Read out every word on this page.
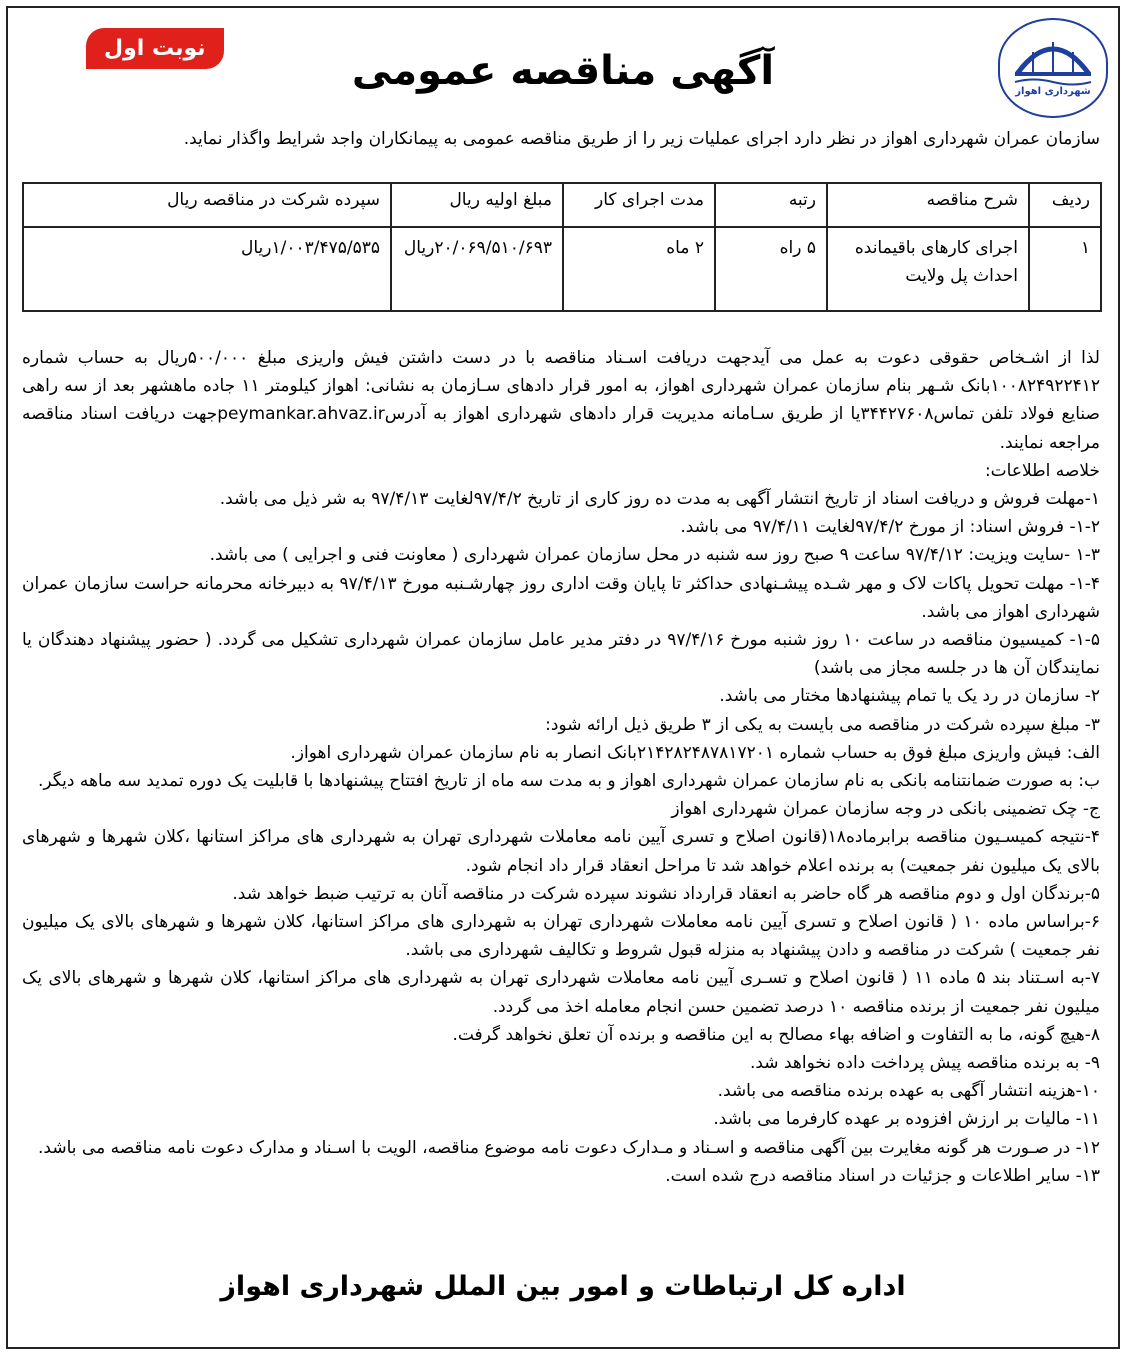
شهرداری اهواز
آگهی مناقصه عمومی
نوبت اول
سازمان عمران شهرداری اهواز در نظر دارد اجرای عملیات زیر را از طریق مناقصه عمومی به پیمانکاران واجد شرایط واگذار نماید.
ردیف	شرح مناقصه	رتبه	مدت اجرای کار	مبلغ اولیه ریال	سپرده شرکت در مناقصه ریال
۱	اجرای کارهای باقیمانده احداث پل ولایت	۵ راه	۲ ماه	۲۰/۰۶۹/۵۱۰/۶۹۳ریال	۱/۰۰۳/۴۷۵/۵۳۵ریال

لذا از اشـخاص حقوقی دعوت به عمل می آیدجهت دریافت اسـناد مناقصه با در دست داشتن فیش واریزی مبلغ ۵۰۰/۰۰۰ریال به حساب شماره ۱۰۰۸۲۴۹۲۲۴۱۲بانک شـهر بنام سازمان عمران شهرداری اهواز، به امور قرار دادهای سـازمان به نشانی: اهواز کیلومتر ۱۱ جاده ماهشهر بعد از سه راهی صنایع فولاد تلفن تماس۳۴۴۲۷۶۰۸یا از طریق سـامانه مدیریت قرار دادهای شهرداری اهواز به آدرسpeymankar.ahvaz.irجهت دریافت اسناد مناقصه مراجعه نمایند.

خلاصه اطلاعات:

۱-مهلت فروش و دریافت اسناد از تاریخ انتشار آگهی به مدت ده روز کاری از تاریخ ۹۷/۴/۲لغایت ۹۷/۴/۱۳ به شر ذیل می باشد.

۱-۲- فروش اسناد: از مورخ ۹۷/۴/۲لغایت ۹۷/۴/۱۱ می باشد.

۱-۳ -سایت ویزیت: ۹۷/۴/۱۲ ساعت ۹ صبح روز سه شنبه در محل سازمان عمران شهرداری ( معاونت فنی و اجرایی ) می باشد.

۱-۴- مهلت تحویل پاکات لاک و مهر شـده پیشـنهادی حداکثر تا پایان وقت اداری روز چهارشـنبه مورخ ۹۷/۴/۱۳ به دبیرخانه محرمانه حراست سازمان عمران شهرداری اهواز می باشد.

۱-۵- کمیسیون مناقصه در ساعت ۱۰ روز شنبه مورخ ۹۷/۴/۱۶ در دفتر مدیر عامل سازمان عمران شهرداری تشکیل می گردد. ( حضور پیشنهاد دهندگان یا نمایندگان آن ها در جلسه مجاز می باشد)

۲- سازمان در رد یک یا تمام پیشنهادها مختار می باشد.

۳- مبلغ سپرده شرکت در مناقصه می بایست به یکی از ۳ طریق ذیل ارائه شود:

الف: فیش واریزی مبلغ فوق به حساب شماره ۲۱۴۲۸۲۴۸۷۸۱۷۲۰۱بانک انصار به نام سازمان عمران شهرداری اهواز.

ب: به صورت ضمانتنامه بانکی به نام سازمان عمران شهرداری اهواز و به مدت سه ماه از تاریخ افتتاح پیشنهادها با قابلیت یک دوره تمدید سه ماهه دیگر.

ج- چک تضمینی بانکی در وجه سازمان عمران شهرداری اهواز

۴-نتیجه کمیسـیون مناقصه برابرماده۱۸(قانون اصلاح و تسری آیین نامه معاملات شهرداری تهران به شهرداری های مراکز استانها ،کلان شهرها و شهرهای بالای یک میلیون نفر جمعیت) به برنده اعلام خواهد شد تا مراحل انعقاد قرار داد انجام شود.

۵-برندگان اول و دوم مناقصه هر گاه حاضر به انعقاد قرارداد نشوند سپرده شرکت در مناقصه آنان به ترتیب ضبط خواهد شد.

۶-براساس ماده ۱۰ ( قانون اصلاح و تسری آیین نامه معاملات شهرداری تهران به شهرداری های مراکز استانها، کلان شهرها و شهرهای بالای یک میلیون نفر جمعیت ) شرکت در مناقصه و دادن پیشنهاد به منزله قبول شروط و تکالیف شهرداری می باشد.

۷-به اسـتناد بند ۵ ماده ۱۱ ( قانون اصلاح و تسـری آیین نامه معاملات شهرداری تهران به شهرداری های مراکز استانها، کلان شهرها و شهرهای بالای یک میلیون نفر جمعیت از برنده مناقصه ۱۰ درصد تضمین حسن انجام معامله اخذ می گردد.

۸-هیچ گونه، ما به التفاوت و اضافه بهاء مصالح به این مناقصه و برنده آن تعلق نخواهد گرفت.

۹- به برنده مناقصه پیش پرداخت داده نخواهد شد.

۱۰-هزینه انتشار آگهی به عهده برنده مناقصه می باشد.

۱۱- مالیات بر ارزش افزوده بر عهده کارفرما می باشد.

۱۲- در صـورت هر گونه مغایرت بین آگهی مناقصه و اسـناد و مـدارک دعوت نامه موضوع مناقصه، الویت با اسـناد و مدارک دعوت نامه مناقصه می باشد.

۱۳- سایر اطلاعات و جزئیات در اسناد مناقصه درج شده است.

اداره کل ارتباطات و امور بین الملل شهرداری اهواز
